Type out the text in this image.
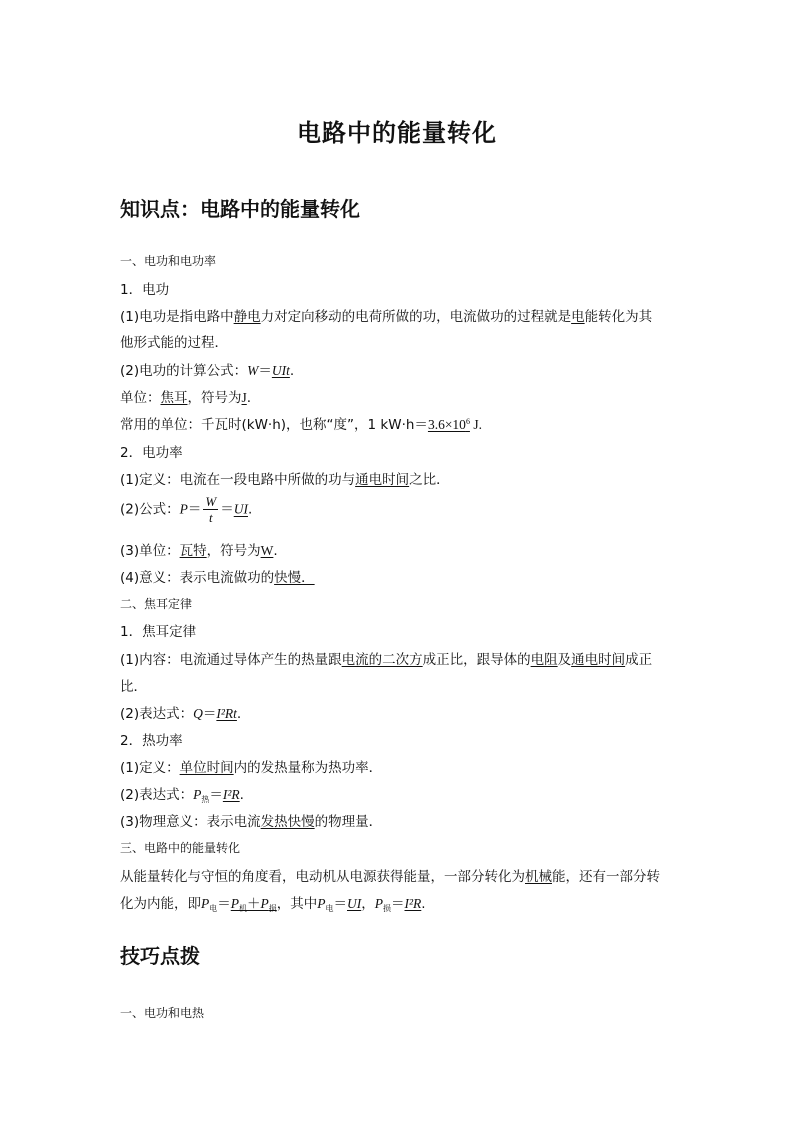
电路中的能量转化
知识点：电路中的能量转化
一、电功和电功率
1．电功
(1)电功是指电路中静电力对定向移动的电荷所做的功，电流做功的过程就是电能转化为其
他形式能的过程．
(2)电功的计算公式：W＝UIt.
单位：焦耳，符号为J.
常用的单位：千瓦时(kW·h)，也称“度”，1 $kW\cdot h=3.6\times 10^6$ J.
2．电功率
(1)定义：电流在一段电路中所做的功与通电时间之比．
(2)公式：$P= \frac{W}{t} =UI$.
(3)单位：瓦特，符号为W.
(4)意义：表示电流做功的快慢．
二、焦耳定律
1．焦耳定律
(1)内容：电流通过导体产生的热量跟电流的二次方成正比，跟导体的电阻及通电时间成正
比．
(2)表达式：Q＝I²Rt.
2．热功率
(1)定义：单位时间内的发热量称为热功率．
(2)表达式：$P_热=I^2R$.
(3)物理意义：表示电流发热快慢的物理量．
三、电路中的能量转化
从能量转化与守恒的角度看，电动机从电源获得能量，一部分转化为机械能，还有一部分转
化为内能，即$P_电=P_机+P_损$，其中$P_电=UI$，$P_损=I^2R$.
技巧点拨
一、电功和电热
